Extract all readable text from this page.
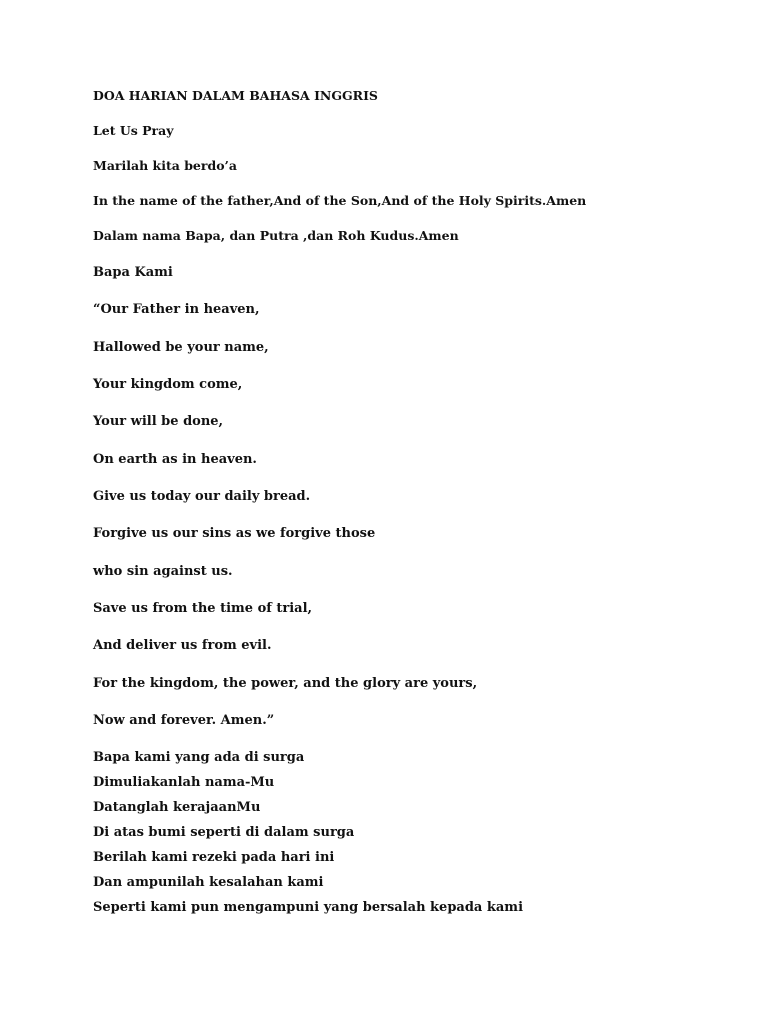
DOA HARIAN DALAM BAHASA INGGRIS

Let Us Pray

Marilah kita berdo’a

In the name of the father,And of the Son,And of the Holy Spirits.Amen

Dalam nama Bapa, dan Putra ,dan Roh Kudus.Amen

Bapa Kami

“Our Father in heaven,

Hallowed be your name,

Your kingdom come,

Your will be done,

On earth as in heaven.

Give us today our daily bread.

Forgive us our sins as we forgive those

who sin against us.

Save us from the time of trial,

And deliver us from evil.

For the kingdom, the power, and the glory are yours,

Now and forever. Amen.”

Bapa kami yang ada di surga

Dimuliakanlah nama-Mu

Datanglah kerajaanMu

Di atas bumi seperti di dalam surga

Berilah kami rezeki pada hari ini

Dan ampunilah kesalahan kami

Seperti kami pun mengampuni yang bersalah kepada kami
